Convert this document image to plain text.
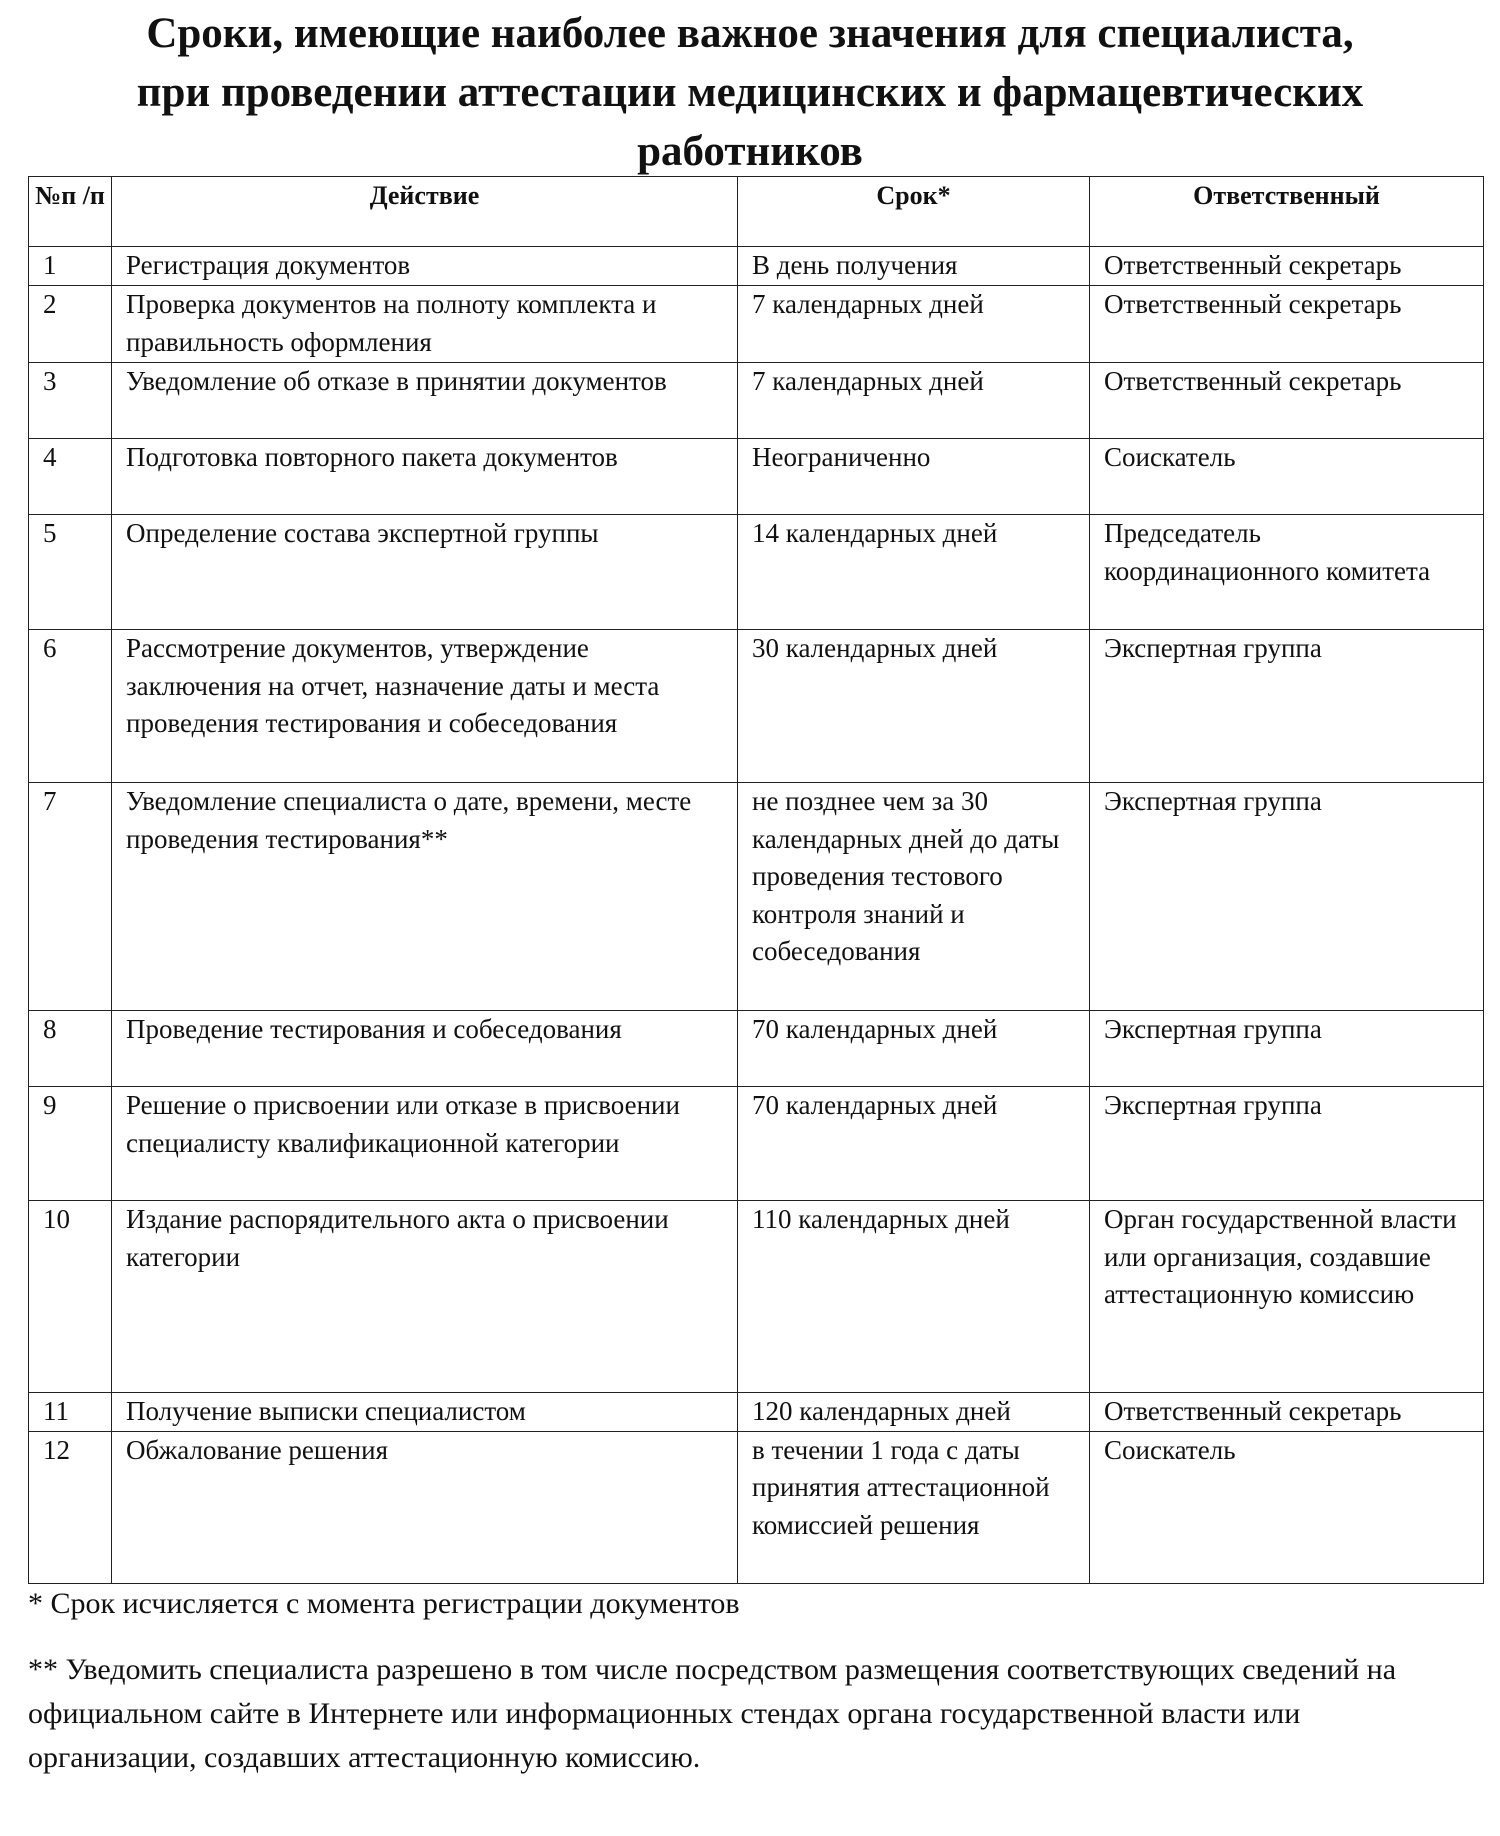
Сроки, имеющие наиболее важное значения для специалиста,
при проведении аттестации медицинских и фармацевтических
работников
№п /п	Действие	Срок*	Ответственный
1	Регистрация документов	В день получения	Ответственный секретарь
2	Проверка документов на полноту комплекта и правильность оформления	7 календарных дней	Ответственный секретарь
3	Уведомление об отказе в принятии документов	7 календарных дней	Ответственный секретарь
4	Подготовка повторного пакета документов	Неограниченно	Соискатель
5	Определение состава экспертной группы	14 календарных дней	Председатель координационного комитета
6	Рассмотрение документов, утверждение заключения на отчет, назначение даты и места проведения тестирования и собеседования	30 календарных дней	Экспертная группа
7	Уведомление специалиста о дате, времени, месте проведения тестирования**	не позднее чем за 30 календарных дней до даты проведения тестового контроля знаний и собеседования	Экспертная группа
8	Проведение тестирования и собеседования	70 календарных дней	Экспертная группа
9	Решение о присвоении или отказе в присвоении специалисту квалификационной категории	70 календарных дней	Экспертная группа
10	Издание распорядительного акта о присвоении категории	110 календарных дней	Орган государственной власти или организация, создавшие аттестационную комиссию
11	Получение выписки специалистом	120 календарных дней	Ответственный секретарь
12	Обжалование решения	в течении 1 года с даты принятия аттестационной комиссией решения	Соискатель
* Срок исчисляется с момента регистрации документов
** Уведомить специалиста разрешено в том числе посредством размещения соответствующих сведений на официальном сайте в Интернете или информационных стендах органа государственной власти или организации, создавших аттестационную комиссию.
